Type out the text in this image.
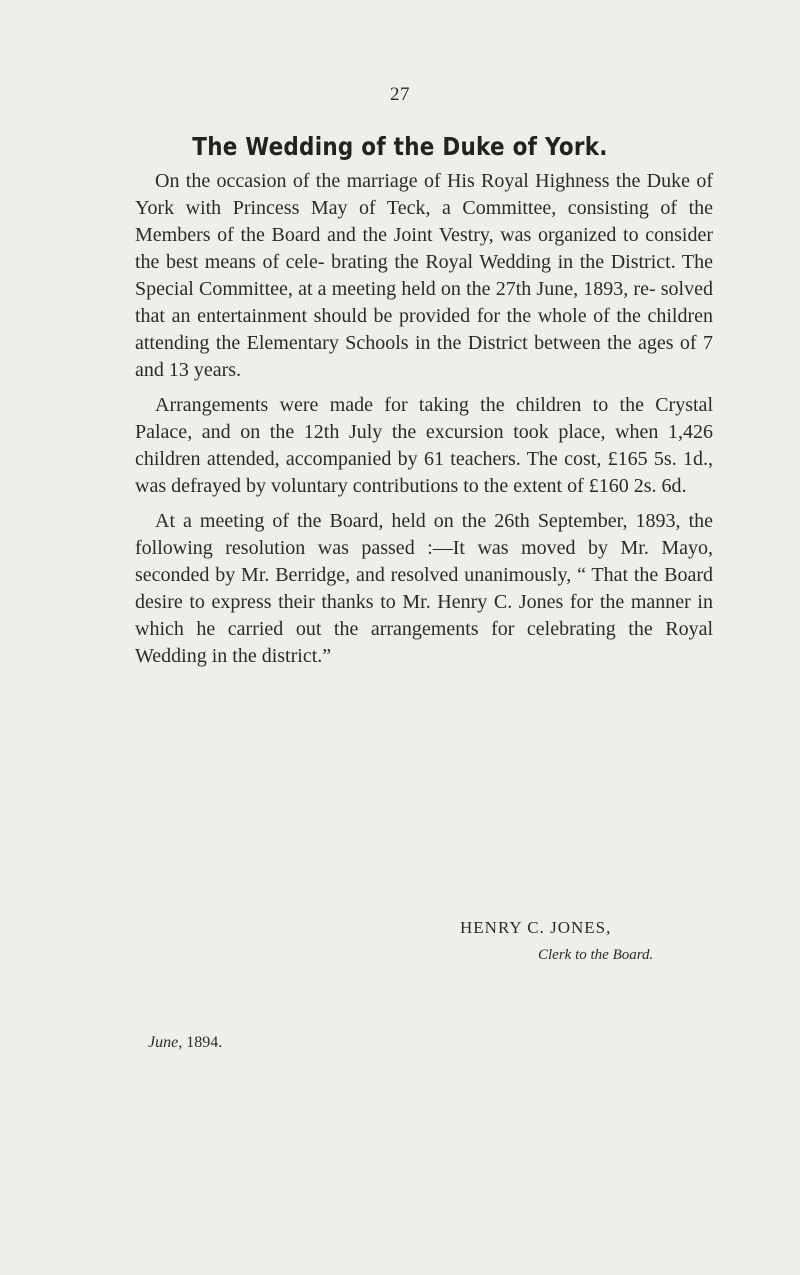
27
The Wedding of the Duke of York.

On the occasion of the marriage of His Royal Highness the Duke of York with Princess May of Teck, a Committee, consisting of the Members of the Board and the Joint Vestry, was organized to consider the best means of cele- brating the Royal Wedding in the District. The Special Committee, at a meeting held on the 27th June, 1893, re- solved that an entertainment should be provided for the whole of the children attending the Elementary Schools in the District between the ages of 7 and 13 years.

Arrangements were made for taking the children to the Crystal Palace, and on the 12th July the excursion took place, when 1,426 children attended, accompanied by 61 teachers. The cost, £165 5s. 1d., was defrayed by voluntary contributions to the extent of £160 2s. 6d.

At a meeting of the Board, held on the 26th September, 1893, the following resolution was passed :—It was moved by Mr. Mayo, seconded by Mr. Berridge, and resolved unanimously, “ That the Board desire to express their thanks to Mr. Henry C. Jones for the manner in which he carried out the arrangements for celebrating the Royal Wedding in the district.”

HENRY C. JONES,
Clerk to the Board.
June, 1894.
